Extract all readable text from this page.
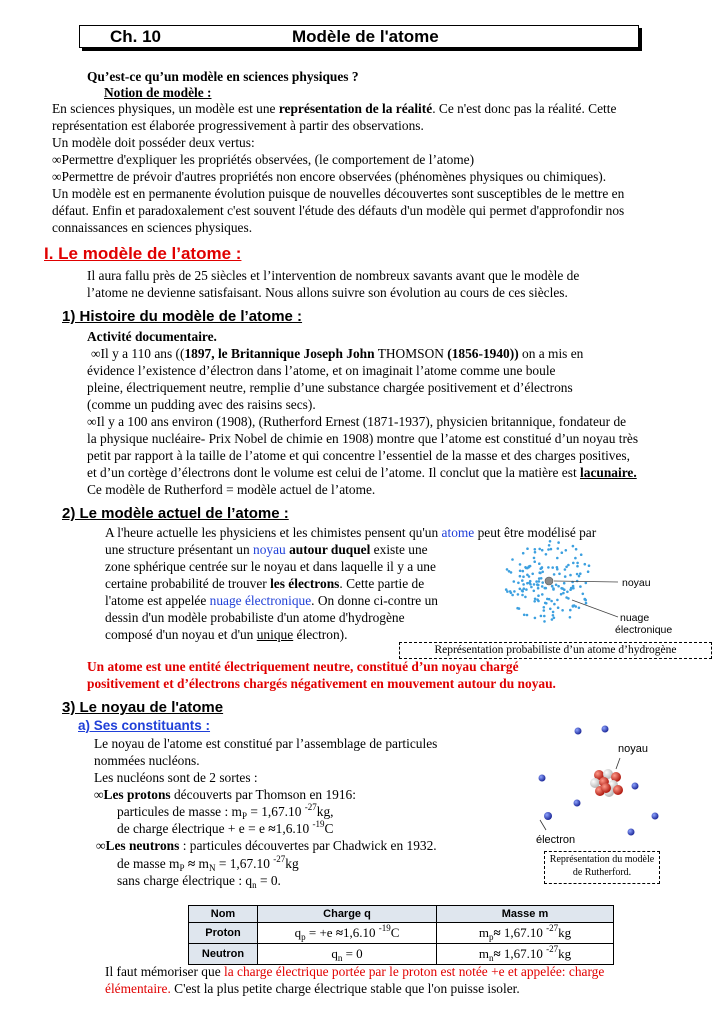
Ch. 10	Modèle de l'atome
Qu’est-ce qu’un modèle en sciences physiques ?
Notion de modèle :
En sciences physiques, un modèle est une représentation de la réalité. Ce n'est donc pas la réalité. Cette
représentation est élaborée progressivement à partir des observations.
Un modèle doit posséder deux vertus:
∞Permettre d'expliquer les propriétés observées, (le comportement de l’atome)
∞Permettre de prévoir d'autres propriétés non encore observées (phénomènes physiques ou chimiques).
Un modèle est en permanente évolution puisque de nouvelles découvertes sont susceptibles de le mettre en
défaut. Enfin et paradoxalement c'est souvent l'étude des défauts d'un modèle qui permet d'approfondir nos
connaissances en sciences physiques.
I. Le modèle de l’atome :
Il aura fallu près de 25 siècles et l’intervention de nombreux savants avant que le modèle de
l’atome ne devienne satisfaisant. Nous allons suivre son évolution au cours de ces siècles.
1) Histoire du modèle de l’atome :
Activité documentaire.
∞Il y a 110 ans ((1897, le Britannique Joseph John THOMSON (1856-1940)) on a mis en
évidence l’existence d’électron dans l’atome, et on imaginait l’atome comme une boule
pleine, électriquement neutre, remplie d’une substance chargée positivement et d’électrons
(comme un pudding avec des raisins secs).
∞Il y a 100 ans environ (1908), (Rutherford Ernest (1871-1937), physicien britannique, fondateur de
la physique nucléaire- Prix Nobel de chimie en 1908) montre que l’atome est constitué d’un noyau très
petit par rapport à la taille de l’atome et qui concentre l’essentiel de la masse et des charges positives,
et d’un cortège d’électrons dont le volume est celui de l’atome. Il conclut que la matière est lacunaire.
Ce modèle de Rutherford = modèle actuel de l’atome.
2) Le modèle actuel de l’atome :
A l'heure actuelle les physiciens et les chimistes pensent qu'un atome peut être modélisé par
une structure présentant un noyau autour duquel existe une
zone sphérique centrée sur le noyau et dans laquelle il y a une
certaine probabilité de trouver les électrons. Cette partie de
l'atome est appelée nuage électronique. On donne ci-contre un
dessin d'un modèle probabiliste d'un atome d'hydrogène
composé d'un noyau et d'un unique électron).
noyau
nuage
électronique
Représentation probabiliste d’un atome d’hydrogène
Un atome est une entité électriquement neutre, constitué d’un noyau chargé
positivement et d’électrons chargés négativement en mouvement autour du noyau.
3) Le noyau de l'atome
a) Ses constituants :
Le noyau de l'atome est constitué par l’assemblage de particules
nommées nucléons.
Les nucléons sont de 2 sortes :
∞Les protons découverts par Thomson en 1916:
particules de masse : $m_P = 1,67.10$ $^{-27}$kg,
de charge électrique + e = e ≈1,6.10 $^{-19}$C
∞Les neutrons : particules découvertes par Chadwick en 1932.
de masse $m_P \approx m_N = 1,67.10$ $^{-27}$kg
sans charge électrique : $q_n = 0$.
noyau
électron
Représentation du modèle
de Rutherford.
Nom	Charge q	Masse m
Proton	$q_p = +e \approx 1,6.10$ $^{-19}$C	$m_p\approx 1,67.10$ $^{-27}$kg
Neutron	$q_n = 0$	$m_n\approx 1,67.10$ $^{-27}$kg
Il faut mémoriser que la charge électrique portée par le proton est notée +e et appelée: charge
élémentaire. C'est la plus petite charge électrique stable que l'on puisse isoler.
